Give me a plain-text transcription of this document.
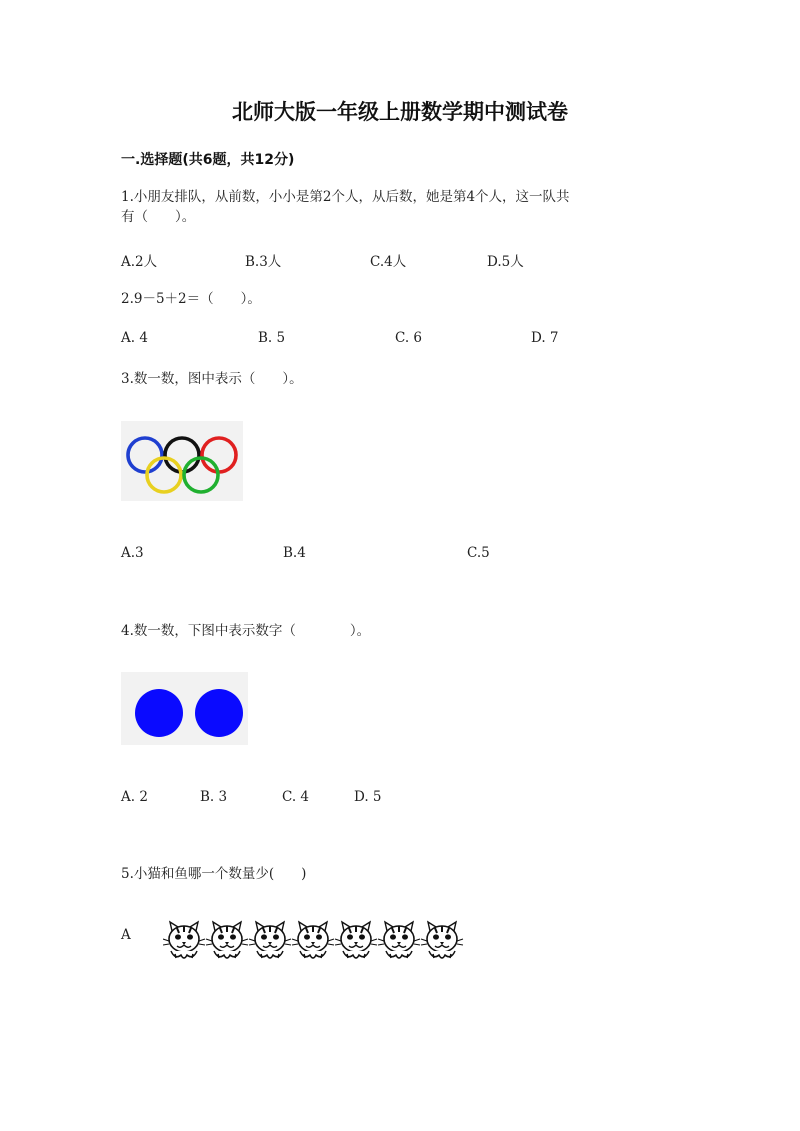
北师大版一年级上册数学期中测试卷
一.选择题(共6题，共12分)
1.小朋友排队，从前数，小小是第2个人，从后数，她是第4个人，这一队共
有（　　）。
A.2人	B.3人	C.4人	D.5人
2.9－5＋2＝（　　）。
A. 4	B. 5	C. 6	D. 7
3.数一数，图中表示（　　）。
A.3	B.4	C.5
4.数一数，下图中表示数字（　　　　）。
A. 2	B. 3	C. 4	D. 5
5.小猫和鱼哪一个数量少(　　)
A
